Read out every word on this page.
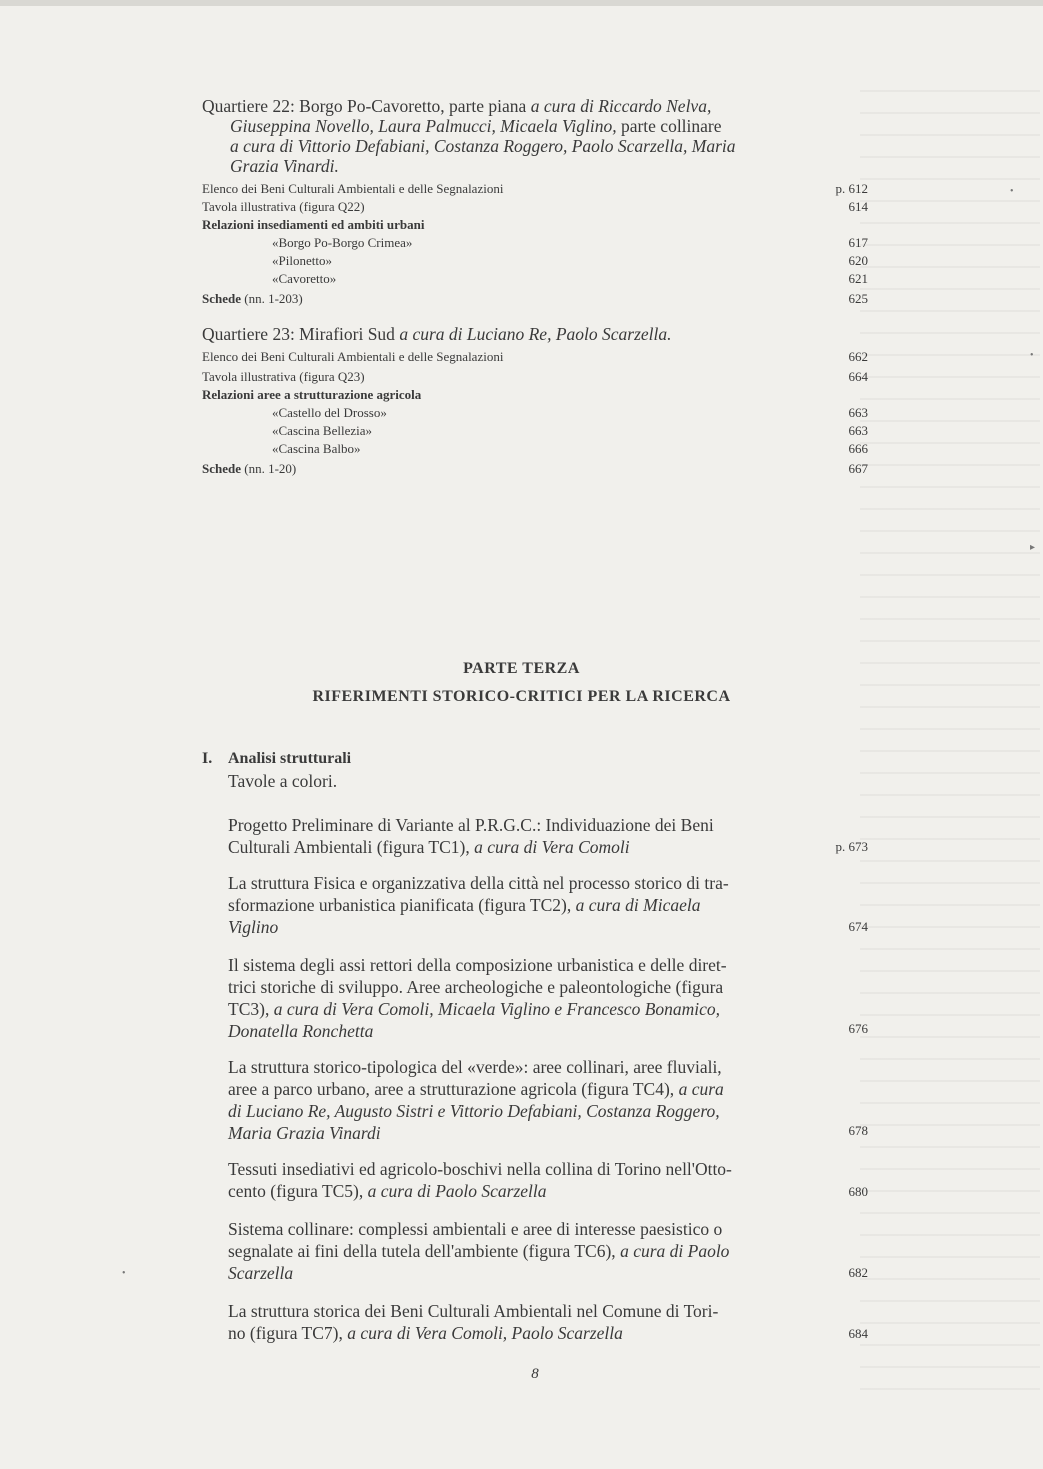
•
•
▸
•
Quartiere 22: Borgo Po-Cavoretto, parte piana a cura di Riccardo Nelva,
Giuseppina Novello, Laura Palmucci, Micaela Viglino, parte collinare
a cura di Vittorio Defabiani, Costanza Roggero, Paolo Scarzella, Maria
Grazia Vinardi.
Elenco dei Beni Culturali Ambientali e delle Segnalazioni	p. 612
Tavola illustrativa (figura Q22)	614
Relazioni insediamenti ed ambiti urbani
«Borgo Po-Borgo Crimea»	617
«Pilonetto»	620
«Cavoretto»	621
Schede (nn. 1-203)	625
Quartiere 23: Mirafiori Sud a cura di Luciano Re, Paolo Scarzella.
Elenco dei Beni Culturali Ambientali e delle Segnalazioni	662
Tavola illustrativa (figura Q23)	664
Relazioni aree a strutturazione agricola
«Castello del Drosso»	663
«Cascina Bellezia»	663
«Cascina Balbo»	666
Schede (nn. 1-20)	667
PARTE TERZA
RIFERIMENTI STORICO-CRITICI PER LA RICERCA
I. Analisi strutturali
Tavole a colori.
Progetto Preliminare di Variante al P.R.G.C.: Individuazione dei Beni
Culturali Ambientali (figura TC1), a cura di Vera Comoli	p. 673
La struttura Fisica e organizzativa della città nel processo storico di tra-
sformazione urbanistica pianificata (figura TC2), a cura di Micaela
Viglino	674
Il sistema degli assi rettori della composizione urbanistica e delle diret-
trici storiche di sviluppo. Aree archeologiche e paleontologiche (figura
TC3), a cura di Vera Comoli, Micaela Viglino e Francesco Bonamico,
Donatella Ronchetta	676
La struttura storico-tipologica del «verde»: aree collinari, aree fluviali,
aree a parco urbano, aree a strutturazione agricola (figura TC4), a cura
di Luciano Re, Augusto Sistri e Vittorio Defabiani, Costanza Roggero,
Maria Grazia Vinardi	678
Tessuti insediativi ed agricolo-boschivi nella collina di Torino nell'Otto-
cento (figura TC5), a cura di Paolo Scarzella	680
Sistema collinare: complessi ambientali e aree di interesse paesistico o
segnalate ai fini della tutela dell'ambiente (figura TC6), a cura di Paolo
Scarzella	682
La struttura storica dei Beni Culturali Ambientali nel Comune di Tori-
no (figura TC7), a cura di Vera Comoli, Paolo Scarzella	684
8
